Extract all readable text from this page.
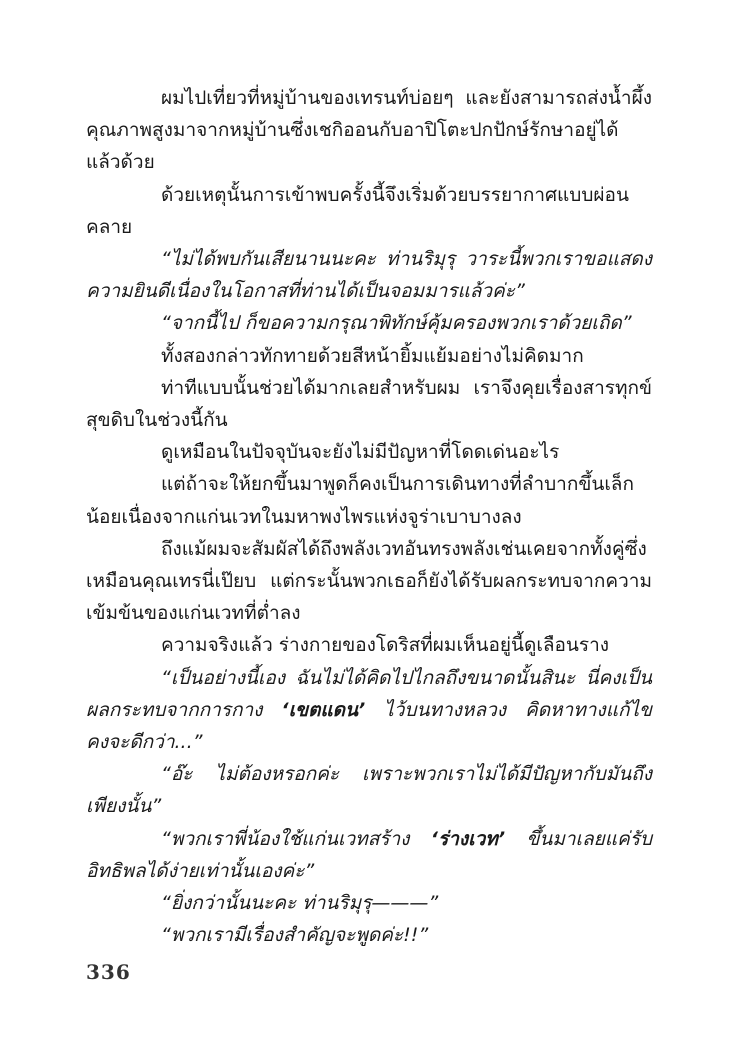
ผมไปเที่ยวที่หมู่บ้านของเทรนท์บ่อยๆ และยังสามารถส่งน้ำผึ้งคุณภาพสูงมาจากหมู่บ้านซึ่งเชกิออนกับอาปิโตะปกปักษ์รักษาอยู่ได้แล้วด้วย

ด้วยเหตุนั้นการเข้าพบครั้งนี้จึงเริ่มด้วยบรรยากาศแบบผ่อนคลาย

“ไม่ได้พบกันเสียนานนะคะ ท่านริมุรุ วาระนี้พวกเราขอแสดงความยินดีเนื่องในโอกาสที่ท่านได้เป็นจอมมารแล้วค่ะ”

“จากนี้ไป ก็ขอความกรุณาพิทักษ์คุ้มครองพวกเราด้วยเถิด”

ทั้งสองกล่าวทักทายด้วยสีหน้ายิ้มแย้มอย่างไม่คิดมาก

ท่าทีแบบนั้นช่วยได้มากเลยสำหรับผม เราจึงคุยเรื่องสารทุกข์สุขดิบในช่วงนี้กัน

ดูเหมือนในปัจจุบันจะยังไม่มีปัญหาที่โดดเด่นอะไร

แต่ถ้าจะให้ยกขึ้นมาพูดก็คงเป็นการเดินทางที่ลำบากขึ้นเล็กน้อยเนื่องจากแก่นเวทในมหาพงไพรแห่งจูร่าเบาบางลง

ถึงแม้ผมจะสัมผัสได้ถึงพลังเวทอันทรงพลังเช่นเคยจากทั้งคู่ซึ่งเหมือนคุณเทรนี่เป๊ยบ แต่กระนั้นพวกเธอก็ยังได้รับผลกระทบจากความเข้มข้นของแก่นเวทที่ต่ำลง

ความจริงแล้ว ร่างกายของโดริสที่ผมเห็นอยู่นี้ดูเลือนราง

“เป็นอย่างนี้เอง ฉันไม่ได้คิดไปไกลถึงขนาดนั้นสินะ นี่คงเป็นผลกระทบจากการกาง ‘เขตแดน’ ไว้บนทางหลวง คิดหาทางแก้ไขคงจะดีกว่า...”

“อ๊ะ ไม่ต้องหรอกค่ะ เพราะพวกเราไม่ได้มีปัญหากับมันถึงเพียงนั้น”

“พวกเราพี่น้องใช้แก่นเวทสร้าง ‘ร่างเวท’ ขึ้นมาเลยแค่รับอิทธิพลได้ง่ายเท่านั้นเองค่ะ”

“ยิ่งกว่านั้นนะคะ ท่านริมุรุ———”

“พวกเรามีเรื่องสำคัญจะพูดค่ะ!!”

336
